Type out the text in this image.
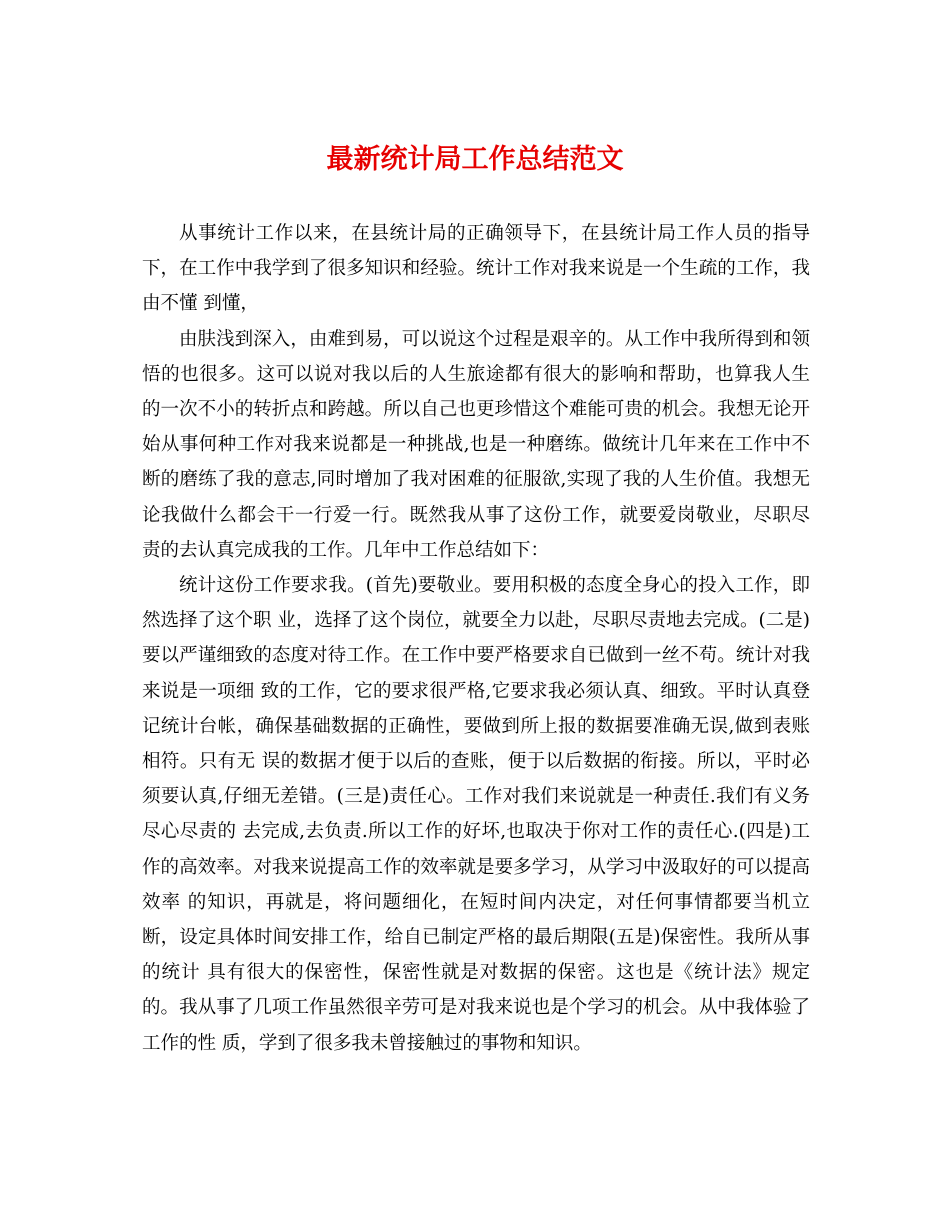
最新统计局工作总结范文

从事统计工作以来，在县统计局的正确领导下，在县统计局工作人员的指导下，在工作中我学到了很多知识和经验。统计工作对我来说是一个生疏的工作，我由不懂 到懂，

由肤浅到深入，由难到易，可以说这个过程是艰辛的。从工作中我所得到和领悟的也很多。这可以说对我以后的人生旅途都有很大的影响和帮助，也算我人生 的一次不小的转折点和跨越。所以自己也更珍惜这个难能可贵的机会。我想无论开始从事何种工作对我来说都是一种挑战,也是一种磨练。做统计几年来在工作中不 断的磨练了我的意志,同时增加了我对困难的征服欲,实现了我的人生价值。我想无论我做什么都会干一行爱一行。既然我从事了这份工作，就要爱岗敬业，尽职尽 责的去认真完成我的工作。几年中工作总结如下：

统计这份工作要求我。(首先)要敬业。要用积极的态度全身心的投入工作，即然选择了这个职 业，选择了这个岗位，就要全力以赴，尽职尽责地去完成。(二是)要以严谨细致的态度对待工作。在工作中要严格要求自已做到一丝不苟。统计对我来说是一项细 致的工作，它的要求很严格,它要求我必须认真、细致。平时认真登记统计台帐，确保基础数据的正确性，要做到所上报的数据要准确无误,做到表账相符。只有无 误的数据才便于以后的查账，便于以后数据的衔接。所以，平时必须要认真,仔细无差错。(三是)责任心。工作对我们来说就是一种责任.我们有义务尽心尽责的 去完成,去负责.所以工作的好坏,也取决于你对工作的责任心.(四是)工作的高效率。对我来说提高工作的效率就是要多学习，从学习中汲取好的可以提高效率 的知识，再就是，将问题细化，在短时间内决定，对任何事情都要当机立断，设定具体时间安排工作，给自已制定严格的最后期限(五是)保密性。我所从事的统计 具有很大的保密性，保密性就是对数据的保密。这也是《统计法》规定的。我从事了几项工作虽然很辛劳可是对我来说也是个学习的机会。从中我体验了工作的性 质，学到了很多我未曾接触过的事物和知识。
